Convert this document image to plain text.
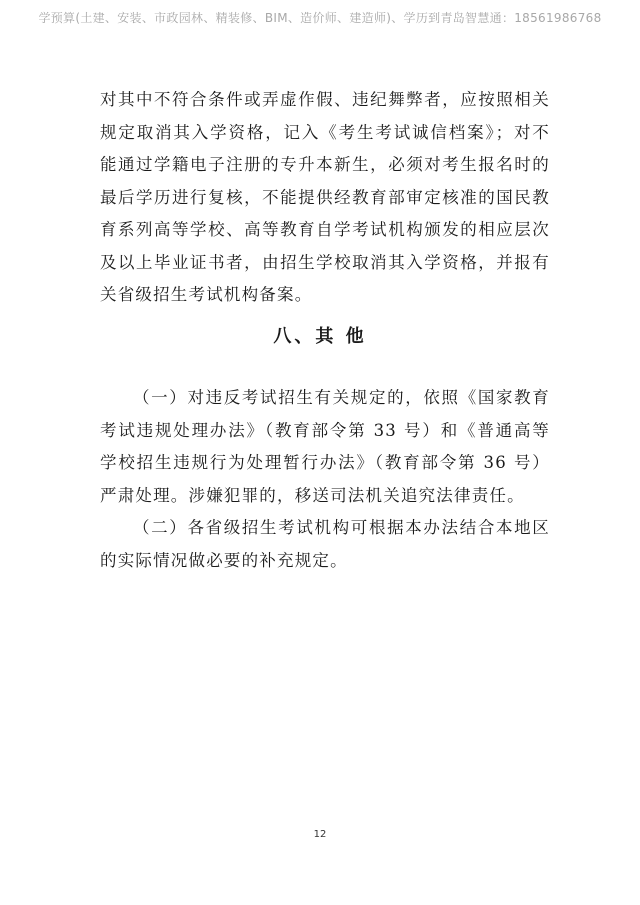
学预算(土建、安装、市政园林、精装修、BIM、造价师、建造师)、学历到青岛智慧通：18561986768

对其中不符合条件或弄虚作假、违纪舞弊者，应按照相关规定取消其入学资格，记入《考生考试诚信档案》；对不能通过学籍电子注册的专升本新生，必须对考生报名时的最后学历进行复核，不能提供经教育部审定核准的国民教育系列高等学校、高等教育自学考试机构颁发的相应层次及以上毕业证书者，由招生学校取消其入学资格，并报有关省级招生考试机构备案。

八、其 他

（一）对违反考试招生有关规定的，依照《国家教育考试违规处理办法》（教育部令第 33 号）和《普通高等学校招生违规行为处理暂行办法》（教育部令第 36 号）严肃处理。涉嫌犯罪的，移送司法机关追究法律责任。

（二）各省级招生考试机构可根据本办法结合本地区的实际情况做必要的补充规定。

12
